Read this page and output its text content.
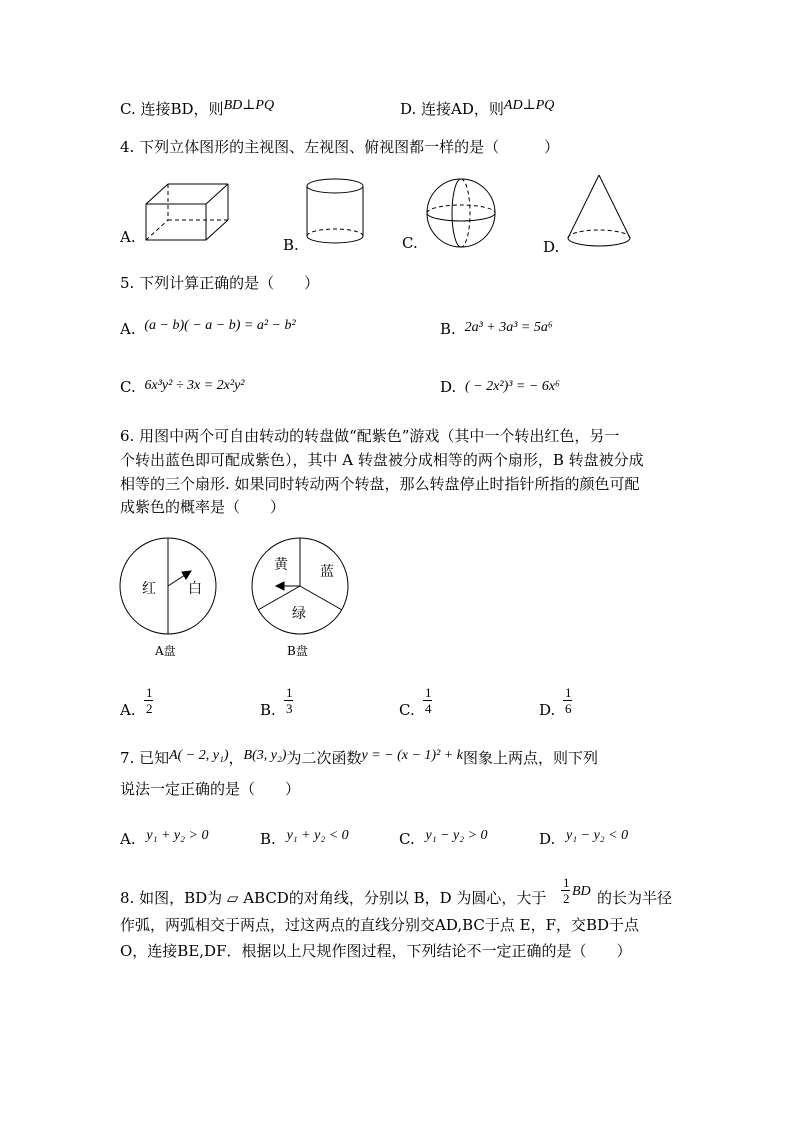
C. 连接BD，则BD⊥PQ	D. 连接AD，则AD⊥PQ
4. 下列立体图形的主视图、左视图、俯视图都一样的是（　　　）
A.	B.	C.	D.
5. 下列计算正确的是（　　）
A. (a − b)( − a − b) = a² − b²	B. 2a³ + 3a³ = 5a⁶
C. 6x³y² ÷ 3x = 2x²y²	D. ( − 2x²)³ = − 6x⁶
6. 用图中两个可自由转动的转盘做“配紫色”游戏（其中一个转出红色，另一
个转出蓝色即可配成紫色），其中 A 转盘被分成相等的两个扇形，B 转盘被分成
相等的三个扇形. 如果同时转动两个转盘，那么转盘停止时指针所指的颜色可配
成紫色的概率是（　　）
红 白
A盘
黄 蓝
绿
B盘
A.
1
2	B.
1
3	C.
1
4	D.
1
6
7. 已知A( − 2, y₁)，B(3, y₂)为二次函数y = − (x − 1)² + k图象上两点，则下列
说法一定正确的是（　　）
A. y₁ + y₂ > 0	B. y₁ + y₂ < 0	C. y₁ − y₂ > 0	D. y₁ − y₂ < 0
8. 如图，BD为 ▱ ABCD的对角线，分别以 B，D 为圆心，大于
1
2 BD 的长为半径
作弧，两弧相交于两点，过这两点的直线分别交AD,BC于点 E，F，交BD于点
O，连接BE,DF．根据以上尺规作图过程，下列结论不一定正确的是（　　）
